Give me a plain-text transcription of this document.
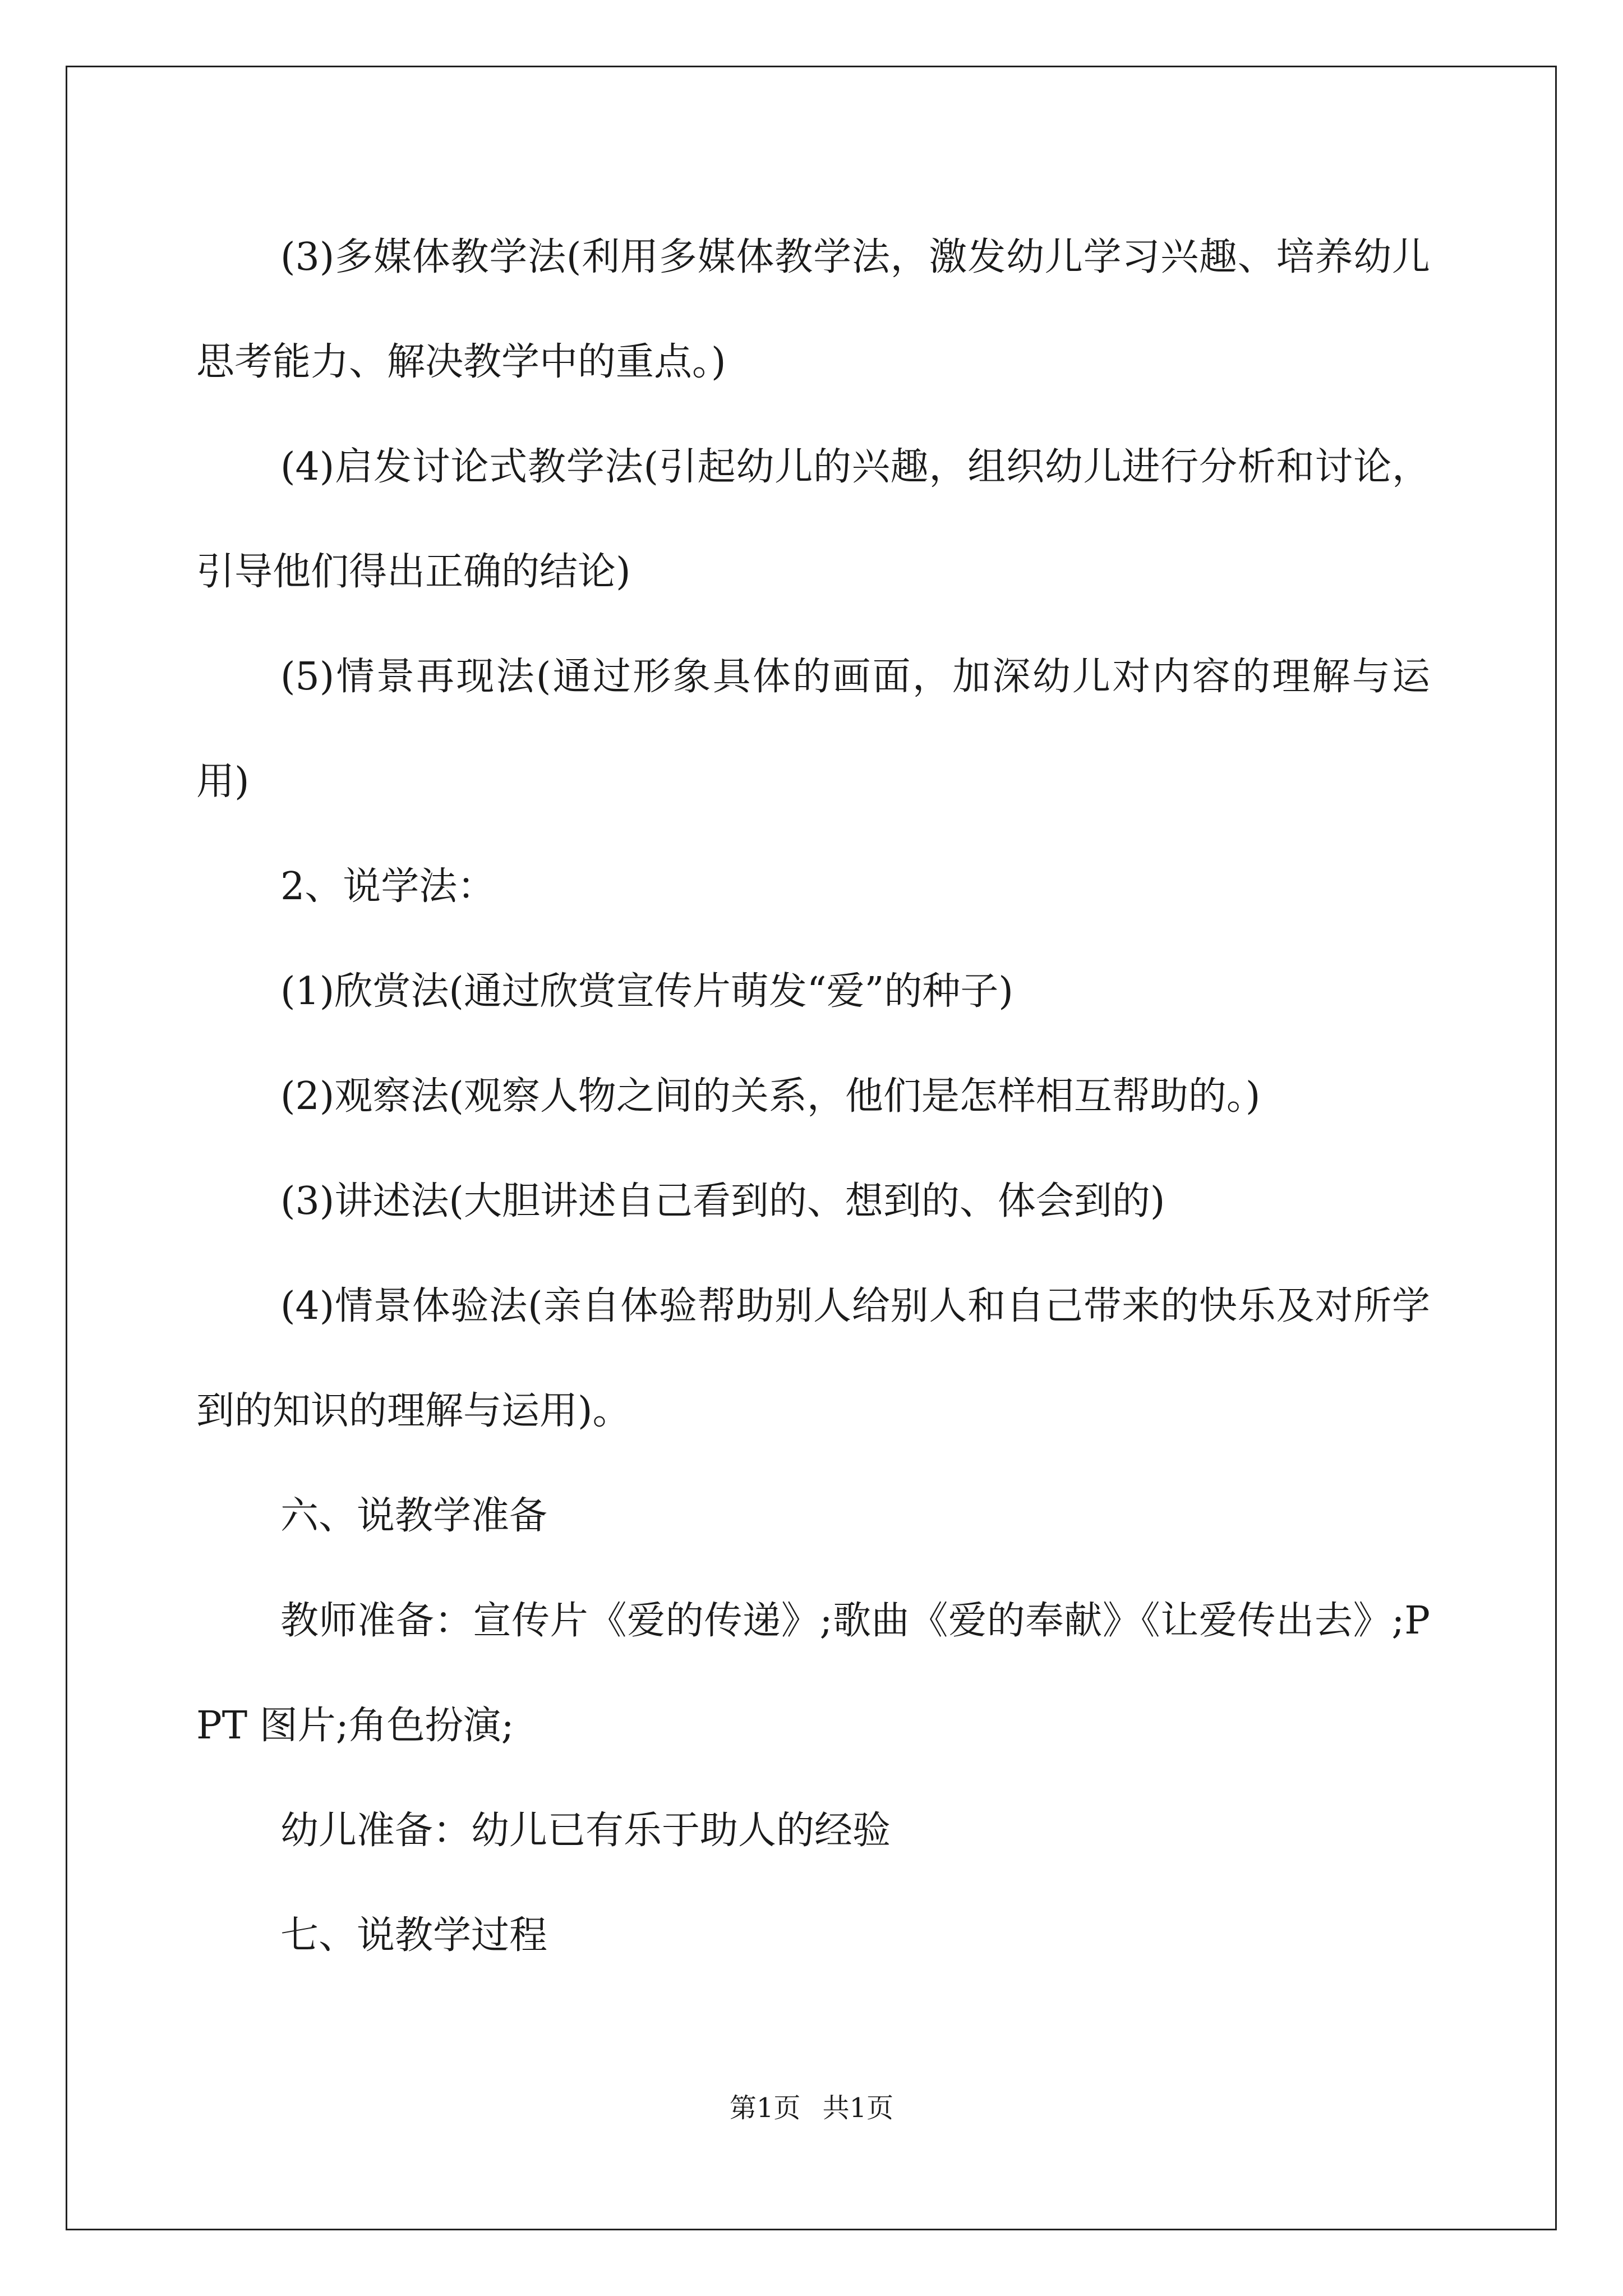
(3)多媒体教学法(利用多媒体教学法，激发幼儿学习兴趣、培养幼儿思考能力、解决教学中的重点。)

(4)启发讨论式教学法(引起幼儿的兴趣，组织幼儿进行分析和讨论，引导他们得出正确的结论)

(5)情景再现法(通过形象具体的画面，加深幼儿对内容的理解与运用)

2、说学法：

(1)欣赏法(通过欣赏宣传片萌发“爱”的种子)

(2)观察法(观察人物之间的关系，他们是怎样相互帮助的。)

(3)讲述法(大胆讲述自己看到的、想到的、体会到的)

(4)情景体验法(亲自体验帮助别人给别人和自己带来的快乐及对所学到的知识的理解与运用)。

六、说教学准备

教师准备：宣传片《爱的传递》;歌曲《爱的奉献》《让爱传出去》;PPT 图片;角色扮演;

幼儿准备：幼儿已有乐于助人的经验

七、说教学过程

第1页 共1页
